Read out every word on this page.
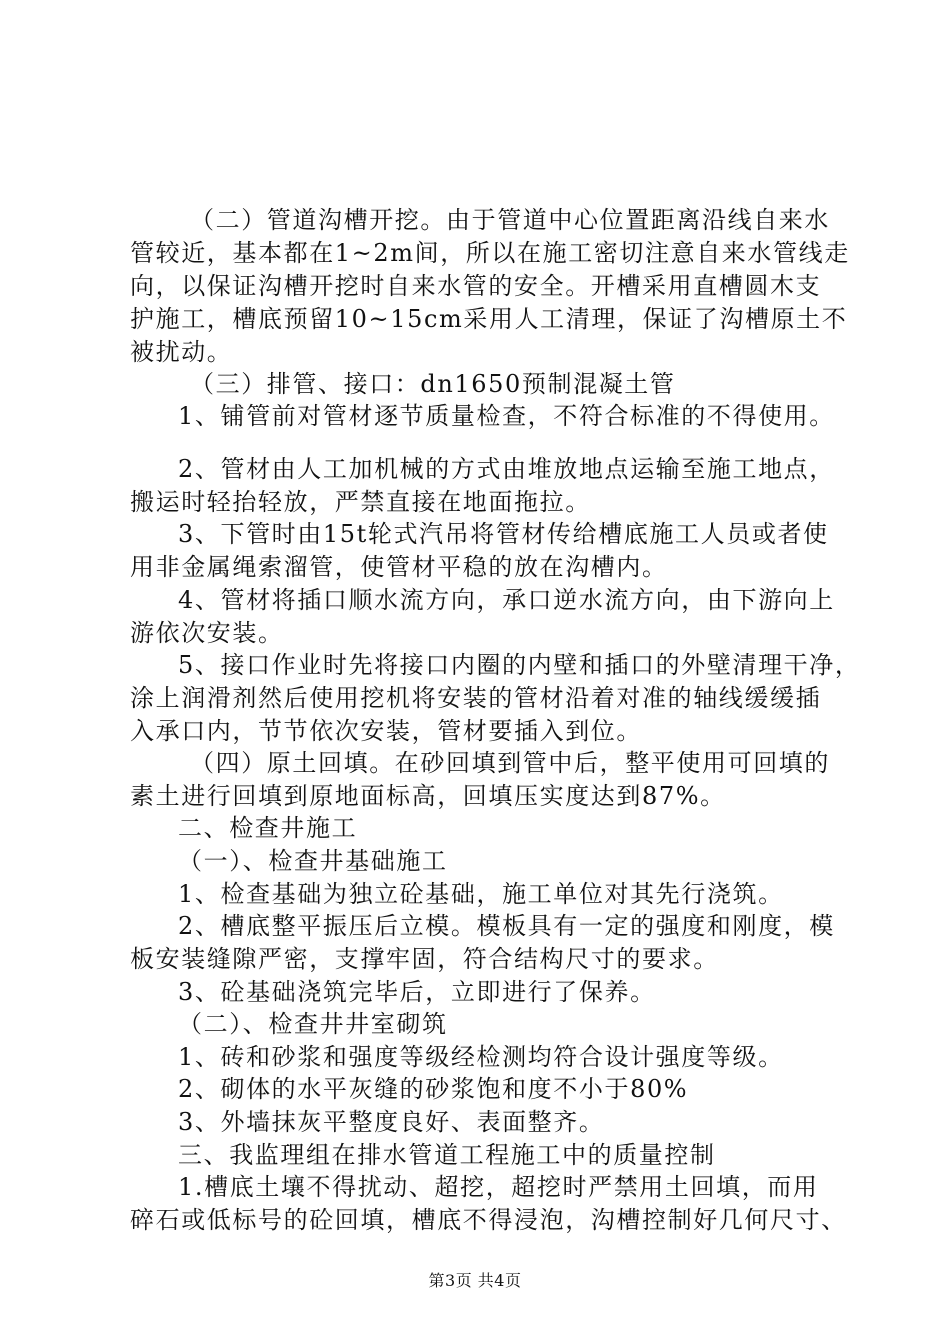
（二）管道沟槽开挖。由于管道中心位置距离沿线自来水
管较近，基本都在1~2m间，所以在施工密切注意自来水管线走
向，以保证沟槽开挖时自来水管的安全。开槽采用直槽圆木支
护施工，槽底预留10~15cm采用人工清理，保证了沟槽原土不
被扰动。
（三）排管、接口：dn1650预制混凝土管
1、铺管前对管材逐节质量检查，不符合标准的不得使用。
2、管材由人工加机械的方式由堆放地点运输至施工地点，
搬运时轻抬轻放，严禁直接在地面拖拉。
3、下管时由15t轮式汽吊将管材传给槽底施工人员或者使
用非金属绳索溜管，使管材平稳的放在沟槽内。
4、管材将插口顺水流方向，承口逆水流方向，由下游向上
游依次安装。
5、接口作业时先将接口内圈的内壁和插口的外壁清理干净，
涂上润滑剂然后使用挖机将安装的管材沿着对准的轴线缓缓插
入承口内，节节依次安装，管材要插入到位。
（四）原土回填。在砂回填到管中后，整平使用可回填的
素土进行回填到原地面标高，回填压实度达到87%。
二、检查井施工
（一）、检查井基础施工
1、检查基础为独立砼基础，施工单位对其先行浇筑。
2、槽底整平振压后立模。模板具有一定的强度和刚度，模
板安装缝隙严密，支撑牢固，符合结构尺寸的要求。
3、砼基础浇筑完毕后，立即进行了保养。
（二）、检查井井室砌筑
1、砖和砂浆和强度等级经检测均符合设计强度等级。
2、砌体的水平灰缝的砂浆饱和度不小于80%
3、外墙抹灰平整度良好、表面整齐。
三、我监理组在排水管道工程施工中的质量控制
1.槽底土壤不得扰动、超挖，超挖时严禁用土回填，而用
碎石或低标号的砼回填，槽底不得浸泡，沟槽控制好几何尺寸、
第3页 共4页
